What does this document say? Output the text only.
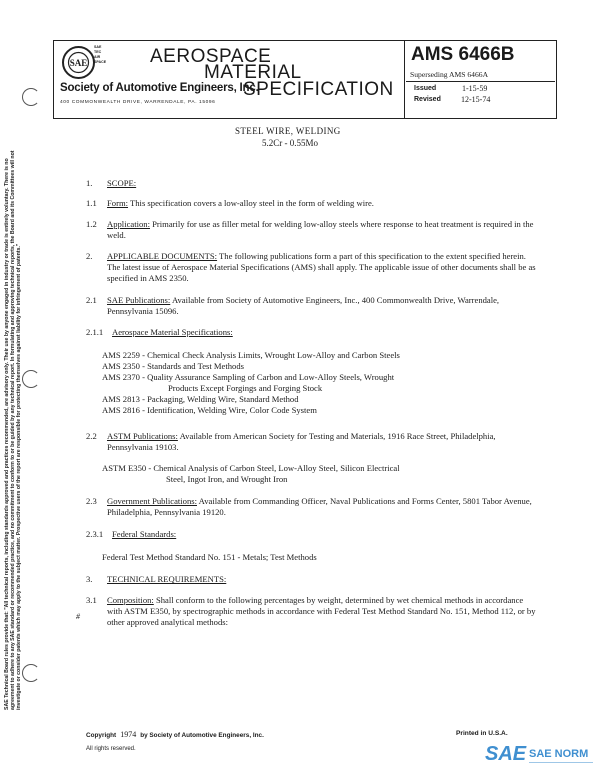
SAE
SAE
TEC
AIR
SPACE	AEROSPACE
MATERIAL
SPECIFICATION
Society of Automotive Engineers, Inc.
400 COMMONWEALTH DRIVE, WARRENDALE, PA. 15096
AMS 6466B
Superseding AMS 6466A
Issued	1-15-59
Revised	12-15-74
SAE Technical Board rules provide that: "All technical reports, including standards approved and practices recommended, are advisory only. Their use by anyone engaged in industry or trade is entirely voluntary. There is no agreement to adhere to any SAE standard or recommended practice, and no commitment to conform to or be guided by any technical report. In formulating and approving technical reports, the Board and its Committees will not investigate or consider patents which may apply to the subject matter. Prospective users of the report are responsible for protecting themselves against liability for infringement of patents."
STEEL WIRE, WELDING
5.2Cr - 0.55Mo
1. SCOPE:
1.1 Form: This specification covers a low-alloy steel in the form of welding wire.
1.2 Application: Primarily for use as filler metal for welding low-alloy steels where response to heat treatment is required in the weld.
2. APPLICABLE DOCUMENTS: The following publications form a part of this specification to the extent specified herein. The latest issue of Aerospace Material Specifications (AMS) shall apply. The applicable issue of other documents shall be as specified in AMS 2350.
2.1 SAE Publications: Available from Society of Automotive Engineers, Inc., 400 Commonwealth Drive, Warrendale, Pennsylvania 15096.
2.1.1 Aerospace Material Specifications:
AMS 2259 - Chemical Check Analysis Limits, Wrought Low-Alloy and Carbon Steels
AMS 2350 - Standards and Test Methods
AMS 2370 - Quality Assurance Sampling of Carbon and Low-Alloy Steels, Wrought
Products Except Forgings and Forging Stock
AMS 2813 - Packaging, Welding Wire, Standard Method
AMS 2816 - Identification, Welding Wire, Color Code System
2.2 ASTM Publications: Available from American Society for Testing and Materials, 1916 Race Street, Philadelphia, Pennsylvania 19103.
ASTM E350 - Chemical Analysis of Carbon Steel, Low-Alloy Steel, Silicon Electrical
Steel, Ingot Iron, and Wrought Iron
2.3 Government Publications: Available from Commanding Officer, Naval Publications and Forms Center, 5801 Tabor Avenue, Philadelphia, Pennsylvania 19120.
2.3.1 Federal Standards:
Federal Test Method Standard No. 151 - Metals; Test Methods
3. TECHNICAL REQUIREMENTS:
3.1 Composition: Shall conform to the following percentages by weight, determined by wet chemical methods in accordance with ASTM E350, by spectrographic methods in accordance with Federal Test Method Standard No. 151, Method 112, or by other approved analytical methods:
#
Copyright 1974 by Society of Automotive Engineers, Inc.
All rights reserved.
Printed in U.S.A.
SAE SAE NORM
